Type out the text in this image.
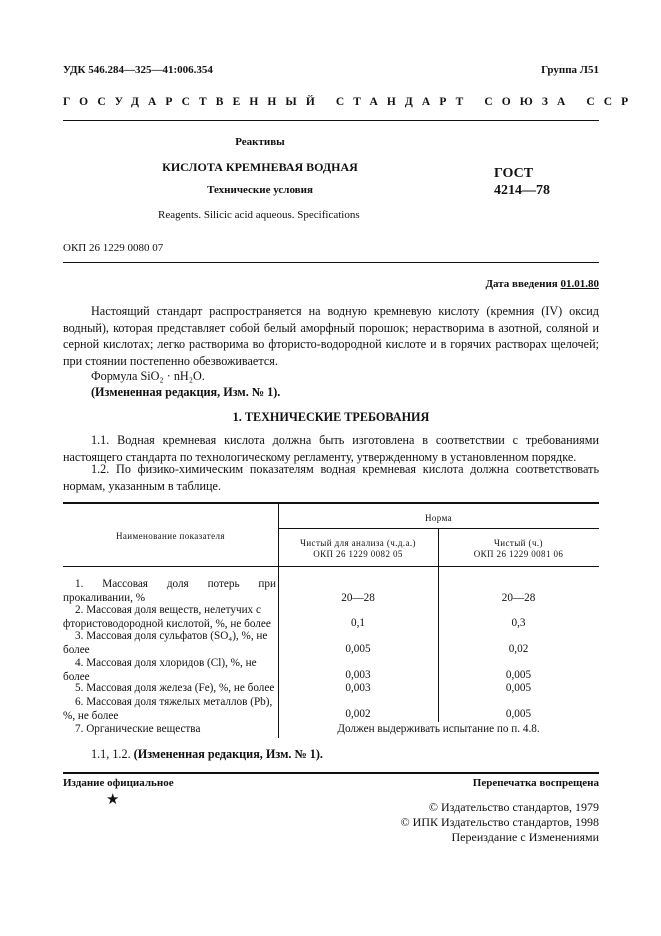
УДК 546.284—325—41:006.354	Группа Л51
ГОСУДАРСТВЕННЫЙ СТАНДАРТ СОЮЗА ССР
Реактивы
КИСЛОТА КРЕМНЕВАЯ ВОДНАЯ
Технические условия
Reagents. Silicic acid aqueous. Specifications
ГОСТ
4214—78
ОКП 26 1229 0080 07
Дата введения 01.01.80
Настоящий стандарт распространяется на водную кремневую кислоту (кремния (IV) оксид водный), которая представляет собой белый аморфный порошок; нерастворима в азотной, соляной и серной кислотах; легко растворима во фтористо-водородной кислоте и в горячих растворах щелочей; при стоянии постепенно обезвоживается.
Формула SiO₂ · nH₂O.
(Измененная редакция, Изм. № 1).
1. ТЕХНИЧЕСКИЕ ТРЕБОВАНИЯ
1.1. Водная кремневая кислота должна быть изготовлена в соответствии с требованиями настоящего стандарта по технологическому регламенту, утвержденному в установленном порядке.
1.2. По физико-химическим показателям водная кремневая кислота должна соответствовать нормам, указанным в таблице.
Наименование показателя
Норма
Чистый для анализа (ч.д.а.)
ОКП 26 1229 0082 05
Чистый (ч.)
ОКП 26 1229 0081 06
1. Массовая доля потерь при прокаливании, %	20—28	20—28
2. Массовая доля веществ, нелетучих с фтористоводородной кислотой, %, не более	0,1	0,3
3. Массовая доля сульфатов (SO₄), %, не более	0,005	0,02
4. Массовая доля хлоридов (Cl), %, не более	0,003	0,005
5. Массовая доля железа (Fe), %, не более	0,003	0,005
6. Массовая доля тяжелых металлов (Pb), %, не более	0,002	0,005
7. Органические вещества	Должен выдерживать испытание по п. 4.8.
1.1, 1.2. (Измененная редакция, Изм. № 1).
Издание официальное	Перепечатка воспрещена
★	© Издательство стандартов, 1979
© ИПК Издательство стандартов, 1998
Переиздание с Изменениями
